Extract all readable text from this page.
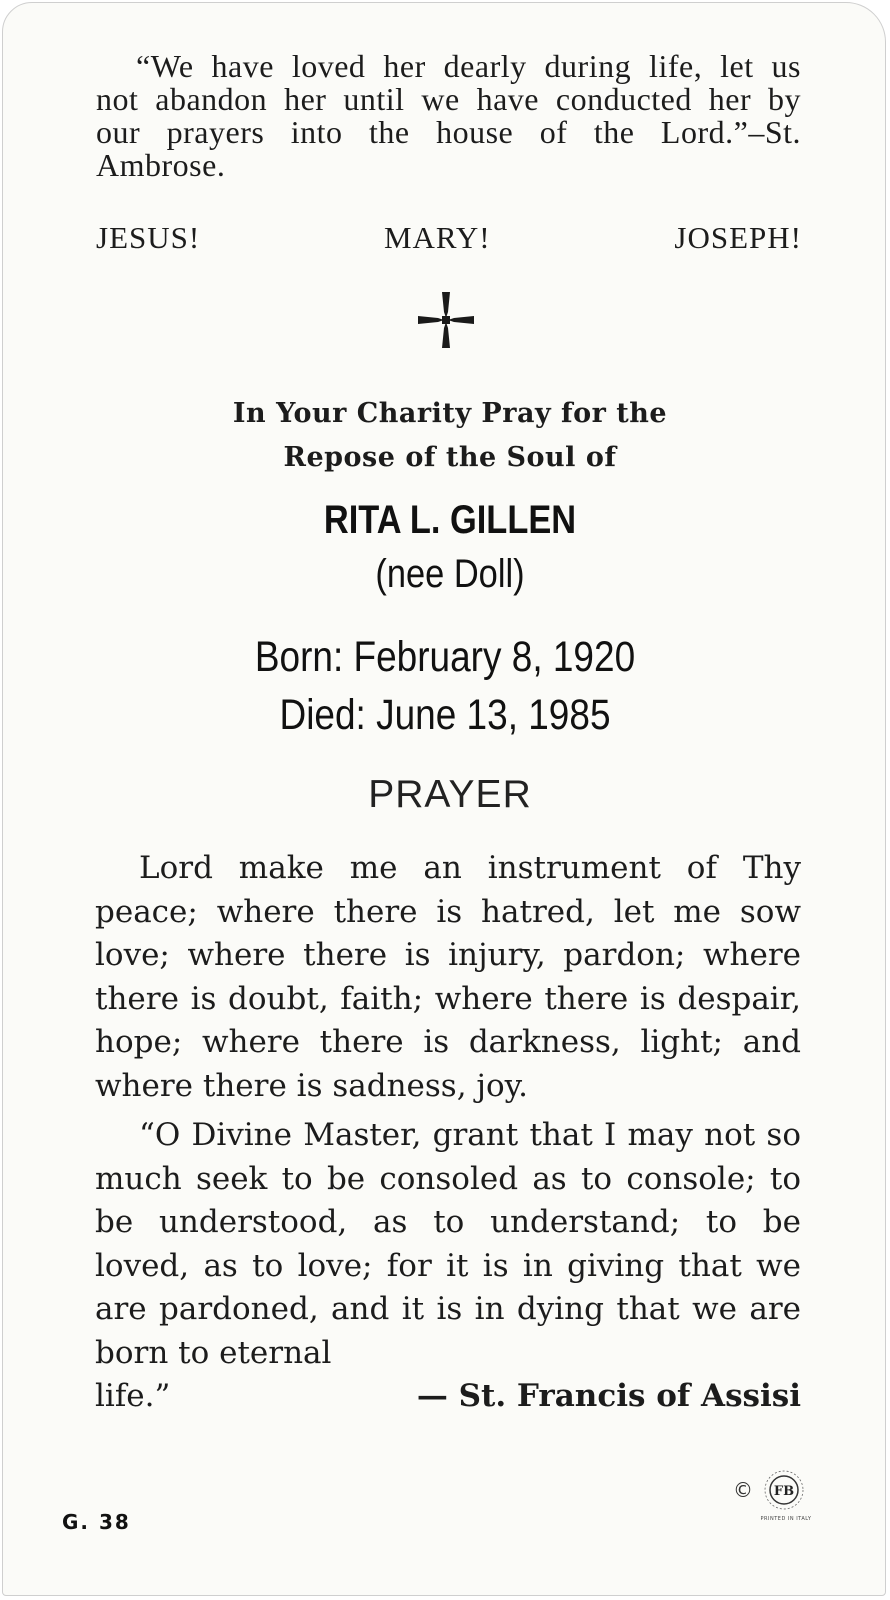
“We have loved her dearly during life, let us not abandon her until we have conducted her by our prayers into the house of the Lord.”–St. Ambrose.

JESUS!	MARY!	JOSEPH!
In Your Charity Pray for the
Repose of the Soul of
RITA L. GILLEN
(nee Doll)
Born: February 8, 1920
Died: June 13, 1985
PRAYER

Lord make me an instrument of Thy peace; where there is hatred, let me sow love; where there is injury, pardon; where there is doubt, faith; where there is despair, hope; where there is darkness, light; and where there is sadness, joy.

“O Divine Master, grant that I may not so much seek to be consoled as to console; to be understood, as to understand; to be loved, as to love; for it is in giving that we are pardoned, and it is in dying that we are born to eternal

life.”	— St. Francis of Assisi
G. 38
© FB
PRINTED IN ITALY
